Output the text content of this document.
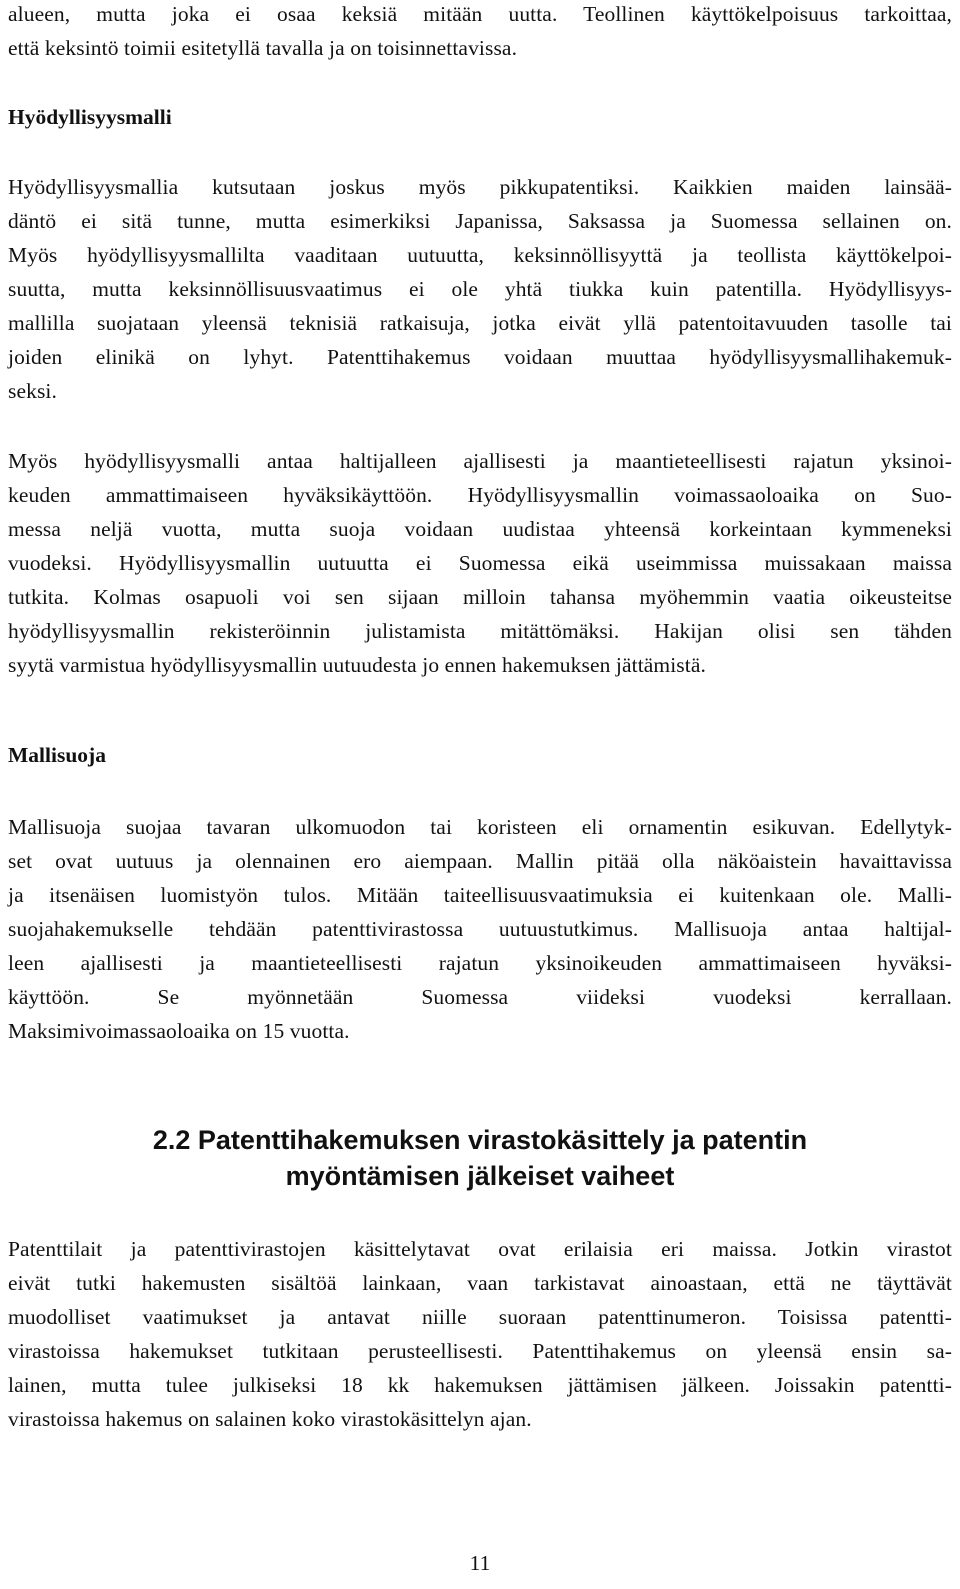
alueen, mutta joka ei osaa keksiä mitään uutta. Teollinen käyttökelpoisuus tarkoittaa,
että keksintö toimii esitetyllä tavalla ja on toisinnettavissa.
Hyödyllisyysmalli
Hyödyllisyysmallia kutsutaan joskus myös pikkupatentiksi. Kaikkien maiden lainsää-
däntö ei sitä tunne, mutta esimerkiksi Japanissa, Saksassa ja Suomessa sellainen on.
Myös hyödyllisyysmallilta vaaditaan uutuutta, keksinnöllisyyttä ja teollista käyttökelpoi-
suutta, mutta keksinnöllisuusvaatimus ei ole yhtä tiukka kuin patentilla. Hyödyllisyys-
mallilla suojataan yleensä teknisiä ratkaisuja, jotka eivät yllä patentoitavuuden tasolle tai
joiden elinikä on lyhyt. Patenttihakemus voidaan muuttaa hyödyllisyysmallihakemuk-
seksi.
Myös hyödyllisyysmalli antaa haltijalleen ajallisesti ja maantieteellisesti rajatun yksinoi-
keuden ammattimaiseen hyväksikäyttöön. Hyödyllisyysmallin voimassaoloaika on Suo-
messa neljä vuotta, mutta suoja voidaan uudistaa yhteensä korkeintaan kymmeneksi
vuodeksi. Hyödyllisyysmallin uutuutta ei Suomessa eikä useimmissa muissakaan maissa
tutkita. Kolmas osapuoli voi sen sijaan milloin tahansa myöhemmin vaatia oikeusteitse
hyödyllisyysmallin rekisteröinnin julistamista mitättömäksi. Hakijan olisi sen tähden
syytä varmistua hyödyllisyysmallin uutuudesta jo ennen hakemuksen jättämistä.
Mallisuoja
Mallisuoja suojaa tavaran ulkomuodon tai koristeen eli ornamentin esikuvan. Edellytyk-
set ovat uutuus ja olennainen ero aiempaan. Mallin pitää olla näköaistein havaittavissa
ja itsenäisen luomistyön tulos. Mitään taiteellisuusvaatimuksia ei kuitenkaan ole. Malli-
suojahakemukselle tehdään patenttivirastossa uutuustutkimus. Mallisuoja antaa haltijal-
leen ajallisesti ja maantieteellisesti rajatun yksinoikeuden ammattimaiseen hyväksi-
käyttöön. Se myönnetään Suomessa viideksi vuodeksi kerrallaan.
Maksimivoimassaoloaika on 15 vuotta.
2.2 Patenttihakemuksen virastokäsittely ja patentin
myöntämisen jälkeiset vaiheet
Patenttilait ja patenttivirastojen käsittelytavat ovat erilaisia eri maissa. Jotkin virastot
eivät tutki hakemusten sisältöä lainkaan, vaan tarkistavat ainoastaan, että ne täyttävät
muodolliset vaatimukset ja antavat niille suoraan patenttinumeron. Toisissa patentti-
virastoissa hakemukset tutkitaan perusteellisesti. Patenttihakemus on yleensä ensin sa-
lainen, mutta tulee julkiseksi 18 kk hakemuksen jättämisen jälkeen. Joissakin patentti-
virastoissa hakemus on salainen koko virastokäsittelyn ajan.
11
